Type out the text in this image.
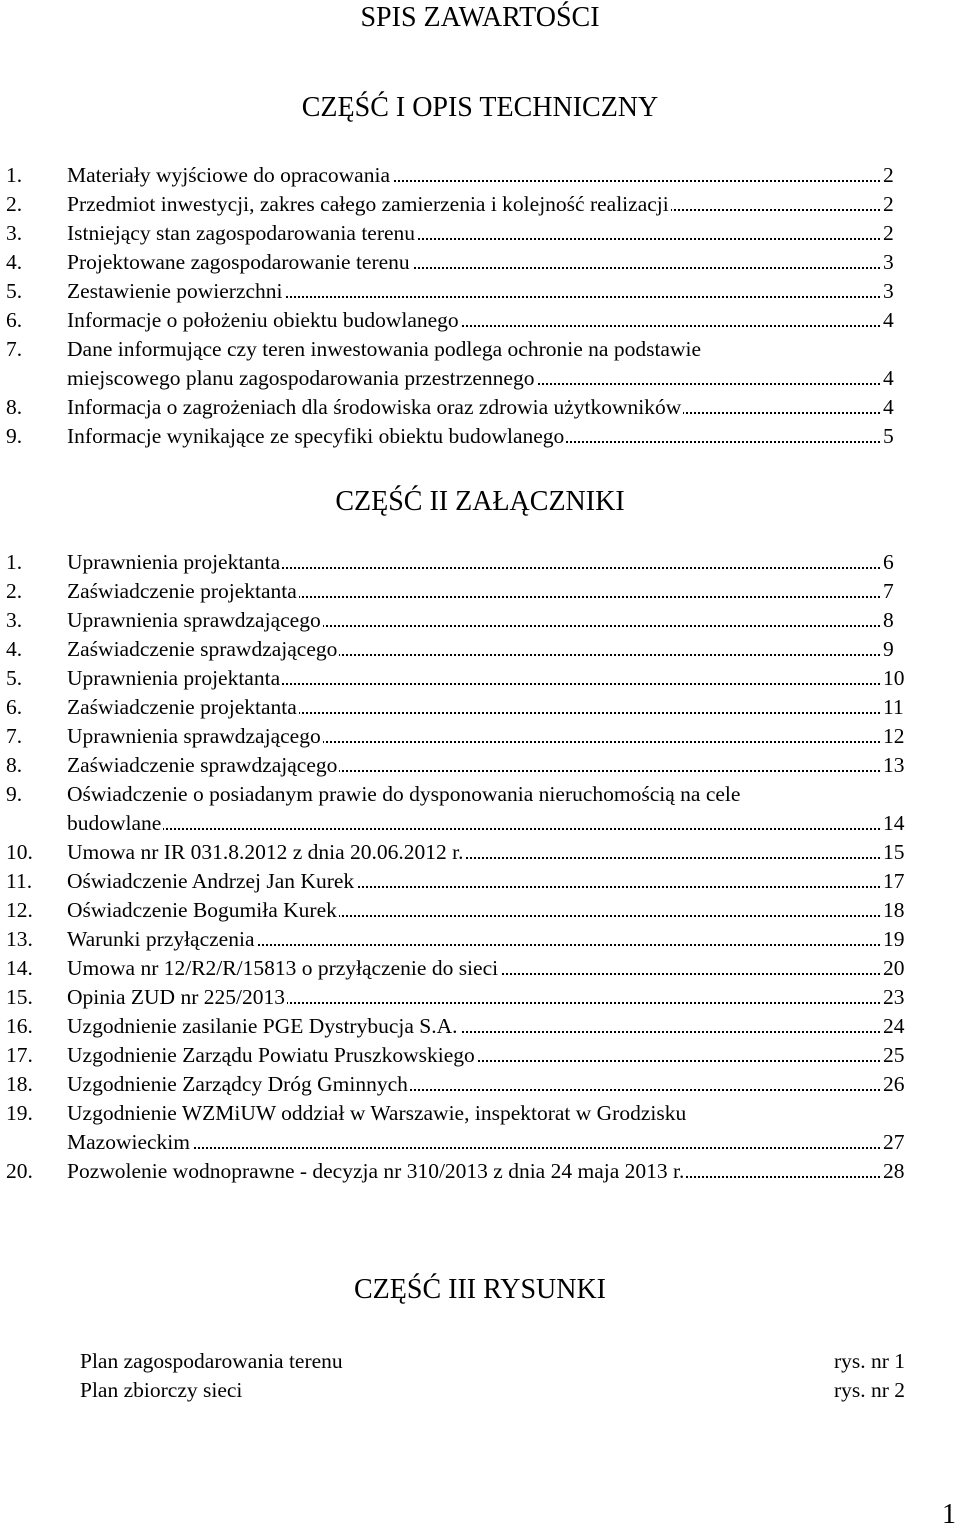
SPIS ZAWARTOŚCI
CZĘŚĆ I OPIS TECHNICZNY
1. Materiały wyjściowe do opracowania	2
2. Przedmiot inwestycji, zakres całego zamierzenia i kolejność realizacji	2
3. Istniejący stan zagospodarowania terenu	2
4. Projektowane zagospodarowanie terenu	3
5. Zestawienie powierzchni	3
6. Informacje o położeniu obiektu budowlanego	4
7. Dane informujące czy teren inwestowania podlega ochronie na podstawie
miejscowego planu zagospodarowania przestrzennego	4
8. Informacja o zagrożeniach dla środowiska oraz zdrowia użytkowników	4
9. Informacje wynikające ze specyfiki obiektu budowlanego	5
CZĘŚĆ II ZAŁĄCZNIKI
1. Uprawnienia projektanta	6
2. Zaświadczenie projektanta	7
3. Uprawnienia sprawdzającego	8
4. Zaświadczenie sprawdzającego	9
5. Uprawnienia projektanta	10
6. Zaświadczenie projektanta	11
7. Uprawnienia sprawdzającego	12
8. Zaświadczenie sprawdzającego	13
9. Oświadczenie o posiadanym prawie do dysponowania nieruchomością na cele
budowlane	14
10. Umowa nr IR 031.8.2012 z dnia 20.06.2012 r.	15
11. Oświadczenie Andrzej Jan Kurek	17
12. Oświadczenie Bogumiła Kurek	18
13. Warunki przyłączenia	19
14. Umowa nr 12/R2/R/15813 o przyłączenie do sieci	20
15. Opinia ZUD nr 225/2013	23
16. Uzgodnienie zasilanie PGE Dystrybucja S.A.	24
17. Uzgodnienie Zarządu Powiatu Pruszkowskiego	25
18. Uzgodnienie Zarządcy Dróg Gminnych	26
19. Uzgodnienie WZMiUW oddział w Warszawie, inspektorat w Grodzisku
Mazowieckim	27
20. Pozwolenie wodnoprawne - decyzja nr 310/2013 z dnia 24 maja 2013 r.	28
CZĘŚĆ III RYSUNKI
Plan zagospodarowania terenu	rys. nr 1
Plan zbiorczy sieci	rys. nr 2
1
